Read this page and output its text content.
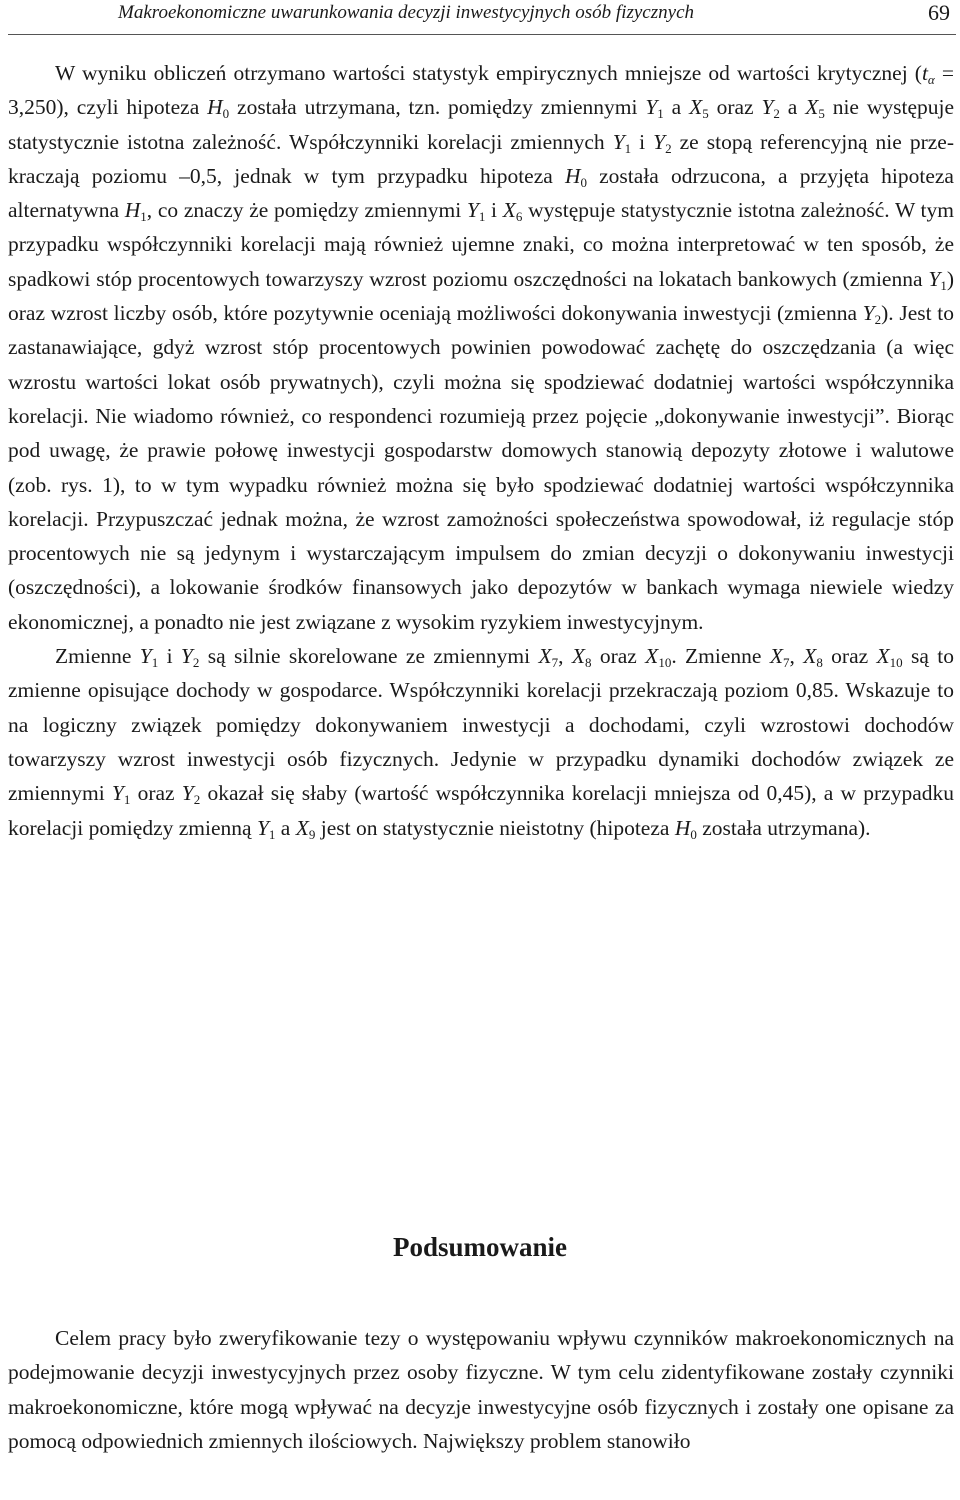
Makroekonomiczne uwarunkowania decyzji inwestycyjnych osób fizycznych	69

W wyniku obliczeń otrzymano wartości statystyk empirycznych mniejsze od wartości krytycznej $(t_\alpha = 3,250)$, czyli hipoteza $H_0$ została utrzymana, tzn. pomiędzy zmiennymi $Y_1$ a $X_5$ oraz $Y_2$ a $X_5$ nie występuje statystycznie istotna zależność. Współczynniki korelacji zmiennych $Y_1$ i $Y_2$ ze stopą referencyjną nie przekraczają poziomu –0,5, jednak w tym przypadku hipoteza $H_0$ została odrzucona, a przyjęta hipoteza alternatywna $H_1$, co znaczy że pomiędzy zmiennymi $Y_1$ i $X_6$ występuje statystycznie istotna zależność. W tym przypadku współczynniki korelacji mają również ujemne znaki, co można interpretować w ten sposób, że spadkowi stóp procentowych towarzyszy wzrost poziomu oszczędności na lokatach bankowych (zmienna $Y_1$) oraz wzrost liczby osób, które pozytywnie oceniają możliwości dokonywania inwestycji (zmienna $Y_2$). Jest to zastanawiające, gdyż wzrost stóp procentowych powinien powodować zachętę do oszczędzania (a więc wzrostu wartości lokat osób prywatnych), czyli można się spodziewać dodatniej wartości współczynnika korelacji. Nie wiadomo również, co respondenci rozumieją przez pojęcie „dokonywanie inwestycji”. Biorąc pod uwagę, że prawie połowę inwestycji gospodarstw domowych stanowią depozyty złotowe i walutowe (zob. rys. 1), to w tym wypadku również można się było spodziewać dodatniej wartości współczynnika korelacji. Przypuszczać jednak można, że wzrost zamożności społeczeństwa spowodował, iż regulacje stóp procentowych nie są jedynym i wystarczającym impulsem do zmian decyzji o dokonywaniu inwestycji (oszczędności), a lokowanie środków finansowych jako depozytów w bankach wymaga niewiele wiedzy ekonomicznej, a ponadto nie jest związane z wysokim ryzykiem inwestycyjnym.

Zmienne $Y_1$ i $Y_2$ są silnie skorelowane ze zmiennymi $X_7$, $X_8$ oraz $X_{10}$. Zmienne $X_7$, $X_8$ oraz $X_{10}$ są to zmienne opisujące dochody w gospodarce. Współczynniki korelacji przekraczają poziom 0,85. Wskazuje to na logiczny związek pomiędzy dokonywaniem inwestycji a dochodami, czyli wzrostowi dochodów towarzyszy wzrost inwestycji osób fizycznych. Jedynie w przypadku dynamiki dochodów związek ze zmiennymi $Y_1$ oraz $Y_2$ okazał się słaby (wartość współczynnika korelacji mniejsza od 0,45), a w przypadku korelacji pomiędzy zmienną $Y_1$ a $X_9$ jest on statystycznie nieistotny (hipoteza $H_0$ została utrzymana).

Podsumowanie

Celem pracy było zweryfikowanie tezy o występowaniu wpływu czynników makroekonomicznych na podejmowanie decyzji inwestycyjnych przez osoby fizyczne. W tym celu zidentyfikowane zostały czynniki makroekonomiczne, które mogą wpływać na decyzje inwestycyjne osób fizycznych i zostały one opisane za pomocą odpowiednich zmiennych ilościowych. Największy problem stanowiło
